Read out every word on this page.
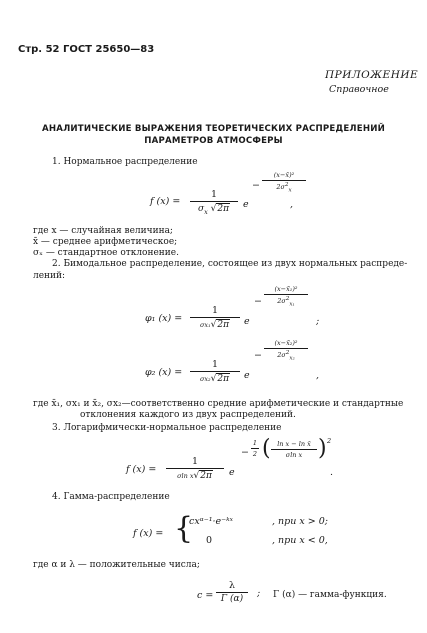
Стр. 52 ГОСТ 25650—83
ПРИЛОЖЕНИЕ
Справочное
АНАЛИТИЧЕСКИЕ ВЫРАЖЕНИЯ ТЕОРЕТИЧЕСКИХ РАСПРЕДЕЛЕНИЙ
ПАРАМЕТРОВ АТМОСФЕРЫ
1. Нормальное распределение
f (x) =
1
$\sigma_x$ √2π	e
−
(x−x̄)²
$2\sigma^2_x$
,
где x — случайная величина;
x̄ — среднее арифметическое;
σₓ — стандартное отклонение.
2. Бимодальное распределение, состоящее из двух нормальных распреде-
лений:
φ₁ (x) =
1
σx₁√2π	e
−
(x−x̃₁)²
$2\sigma^2_{x_1}$
;
φ₂ (x) =
1
σx₂√2π	e
−
(x−x̃₂)²
$2\sigma^2_{x_2}$
,
где x̄₁, σx₁ и x̄₂, σx₂—соответственно средние арифметические и стандартные
отклонения каждого из двух распределений.
3. Логарифмически-нормальное распределение
f (x) =
1
σln x√2π	e
−
1
2 (	ln x − ln x̄
σln x ) 2
.
4. Гамма-распределение
f (x) = {
cxᵅ⁻¹·e⁻ᵏˣ	, при x > 0;
0	, при x < 0,
где α и λ — положительные числа;
c =
λ
Γ (α)	; Γ (α) — гамма-функция.
